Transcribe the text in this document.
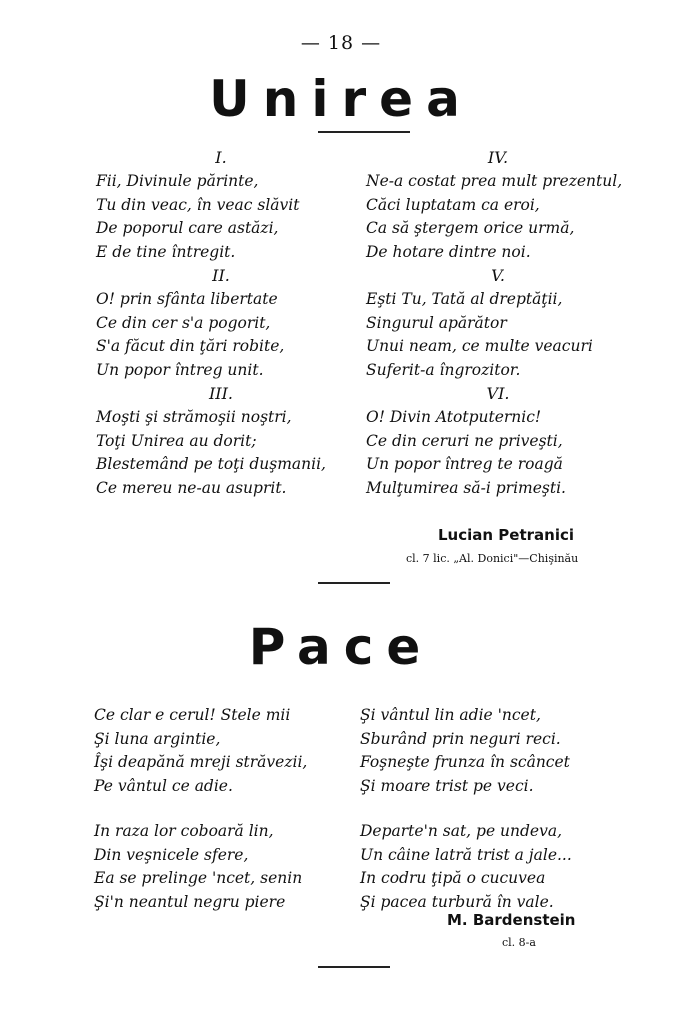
— 18 —
Unirea
I.
Fii, Divinule părinte,
Tu din veac, în veac slăvit
De poporul care astăzi,
E de tine întregit.
II.
O! prin sfânta libertate
Ce din cer s'a pogorit,
S'a făcut din ţări robite,
Un popor întreg unit.
III.
Moşti şi strămoşii noştri,
Toţi Unirea au dorit;
Blestemând pe toţi duşmanii,
Ce mereu ne-au asuprit.
IV.
Ne-a costat prea mult prezentul,
Căci luptatam ca eroi,
Ca să ştergem orice urmă,
De hotare dintre noi.
V.
Eşti Tu, Tată al dreptăţii,
Singurul apărător
Unui neam, ce multe veacuri
Suferit-a îngrozitor.
VI.
O! Divin Atotputernic!
Ce din ceruri ne priveşti,
Un popor întreg te roagă
Mulţumirea să-i primeşti.
Lucian Petranici
cl. 7 lic. „Al. Donici"—Chişinău
Pace
Ce clar e cerul! Stele mii
Şi luna argintie,
Îşi deapănă mreji străvezii,
Pe vântul ce adie.
In raza lor coboară lin,
Din veşnicele sfere,
Ea se prelinge 'ncet, senin
Şi'n neantul negru piere
Şi vântul lin adie 'ncet,
Sburând prin neguri reci.
Foşneşte frunza în scâncet
Şi moare trist pe veci.
Departe'n sat, pe undeva,
Un câine latră trist a jale...
In codru ţipă o cucuvea
Şi pacea turbură în vale.
M. Bardenstein
cl. 8-a
